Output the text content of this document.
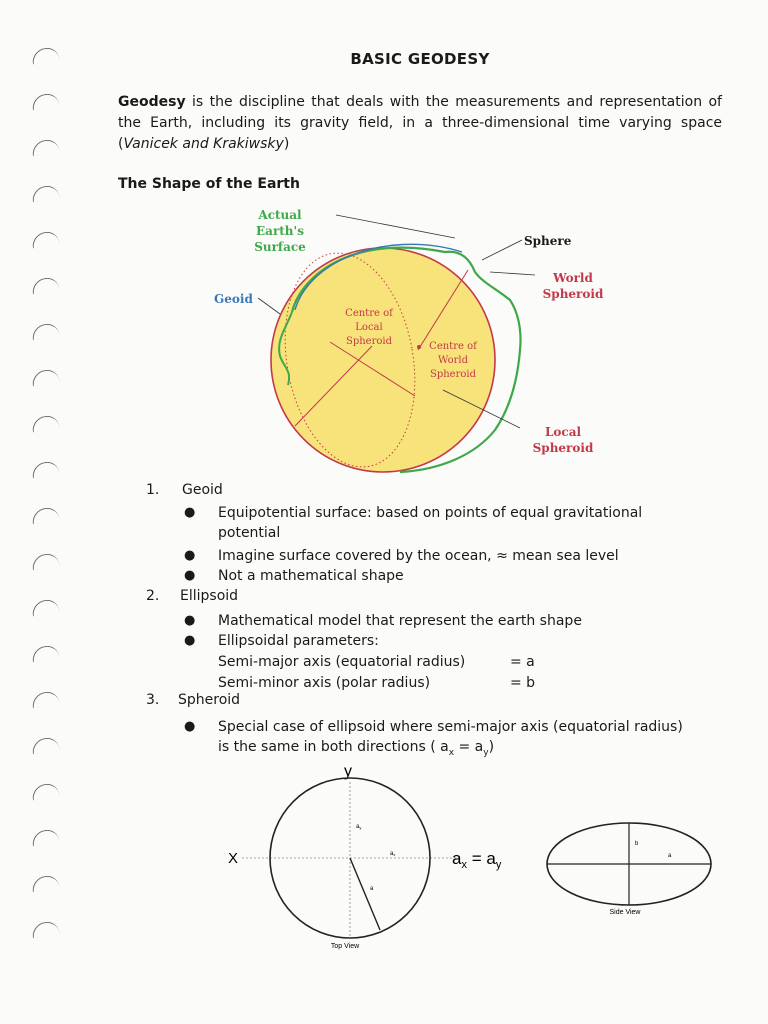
BASIC GEODESY
Geodesy is the discipline that deals with the measurements and representation of the Earth, including its gravity field, in a three-dimensional time varying space (Vanicek and Krakiwsky)
The Shape of the Earth
Actual
Earth's
Surface
Geoid
Sphere
World
Spheroid
Local
Spheroid
Centre of
Local
Spheroid	Centre of
World
Spheroid
1. Geoid
● Equipotential surface: based on points of equal gravitational
potential
● Imagine surface covered by the ocean, ≈ mean sea level
● Not a mathematical shape
2. Ellipsoid
● Mathematical model that represent the earth shape
● Ellipsoidal parameters:
Semi-major axis (equatorial radius)	= a
Semi-minor axis (polar radius)	= b
3. Spheroid
● Special case of ellipsoid where semi-major axis (equatorial radius)
is the same in both directions ( $a_x = a_y$)
y
X
ay
ax
a
Top View
$a_x = a_y$
b
a
Side View
